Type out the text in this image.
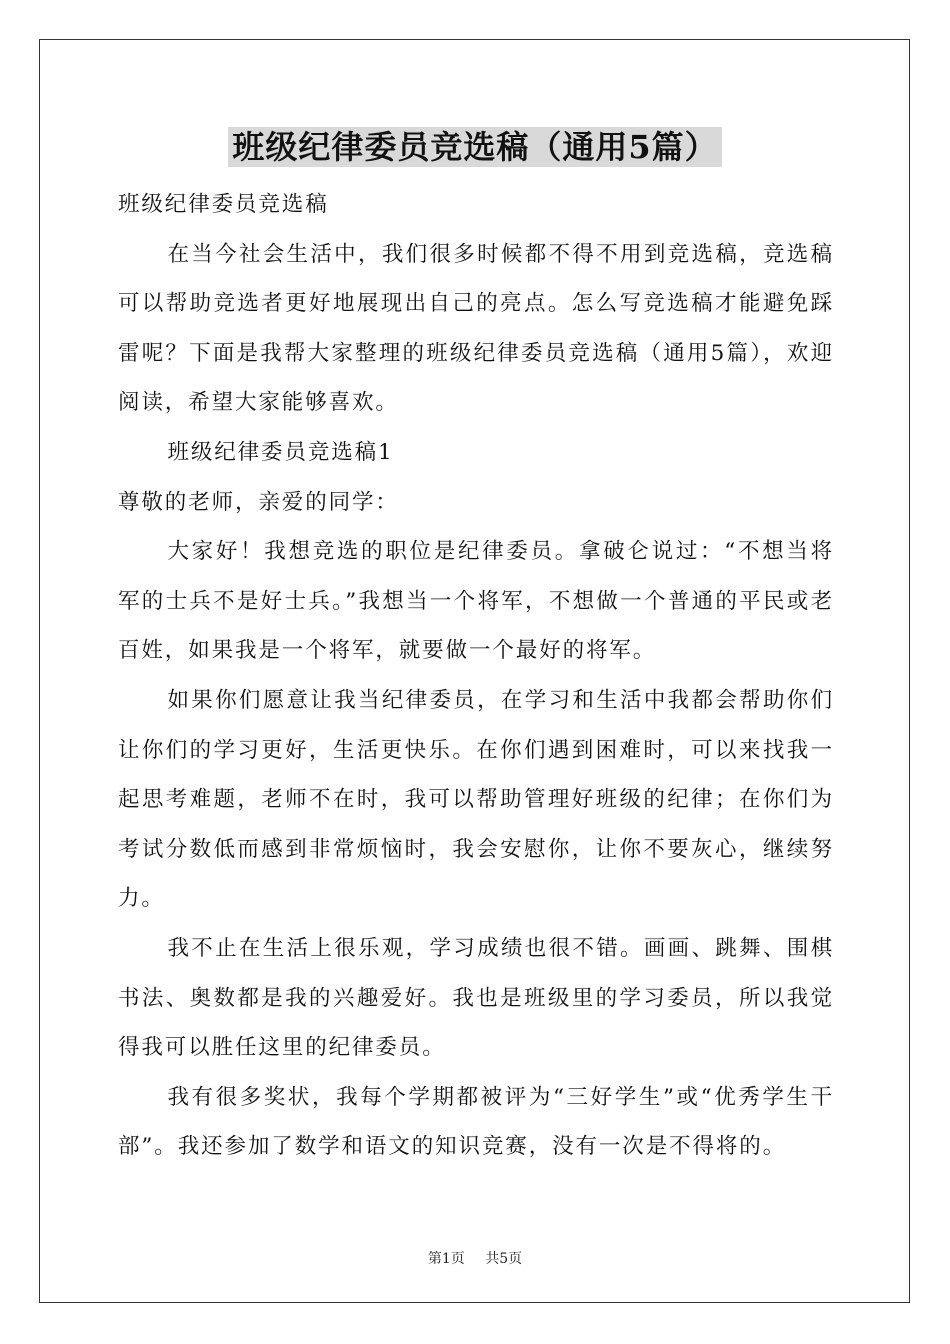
班级纪律委员竞选稿（通用5篇）

班级纪律委员竞选稿

在当今社会生活中，我们很多时候都不得不用到竞选稿，竞选稿可以帮助竞选者更好地展现出自己的亮点。怎么写竞选稿才能避免踩雷呢？下面是我帮大家整理的班级纪律委员竞选稿（通用5篇），欢迎阅读，希望大家能够喜欢。

班级纪律委员竞选稿1

尊敬的老师，亲爱的同学：

大家好！我想竞选的职位是纪律委员。拿破仑说过：“不想当将军的士兵不是好士兵。”我想当一个将军，不想做一个普通的平民或老百姓，如果我是一个将军，就要做一个最好的将军。

如果你们愿意让我当纪律委员，在学习和生活中我都会帮助你们让你们的学习更好，生活更快乐。在你们遇到困难时，可以来找我一起思考难题，老师不在时，我可以帮助管理好班级的纪律；在你们为考试分数低而感到非常烦恼时，我会安慰你，让你不要灰心，继续努力。

我不止在生活上很乐观，学习成绩也很不错。画画、跳舞、围棋书法、奥数都是我的兴趣爱好。我也是班级里的学习委员，所以我觉得我可以胜任这里的纪律委员。

我有很多奖状，我每个学期都被评为“三好学生”或“优秀学生干部”。我还参加了数学和语文的知识竞赛，没有一次是不得将的。

第1页 共5页
